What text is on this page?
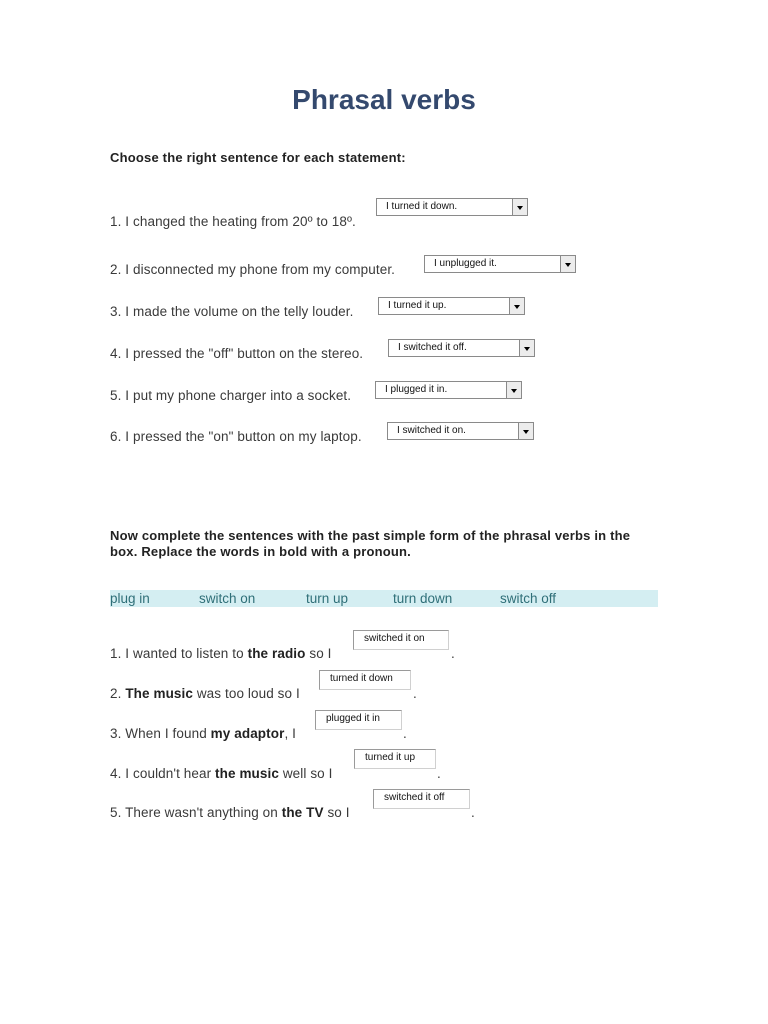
Phrasal verbs
Choose the right sentence for each statement:
1. I changed the heating from 20º to 18º.
I turned it down.
2. I disconnected my phone from my computer.	I unplugged it.
3. I made the volume on the telly louder.	I turned it up.
4. I pressed the "off" button on the stereo.	I switched it off.
5. I put my phone charger into a socket.	I plugged it in.
6. I pressed the "on" button on my laptop.	I switched it on.
Now complete the sentences with the past simple form of the phrasal verbs in the box. Replace the words in bold with a pronoun.
plug in	switch on	turn up	turn down	switch off
1. I wanted to listen to the radio so I
switched it on
.
2. The music was too loud so I
turned it down
.
3. When I found my adaptor, I
plugged it in
.
4. I couldn't hear the music well so I
turned it up
.
5. There wasn't anything on the TV so I
switched it off
.
